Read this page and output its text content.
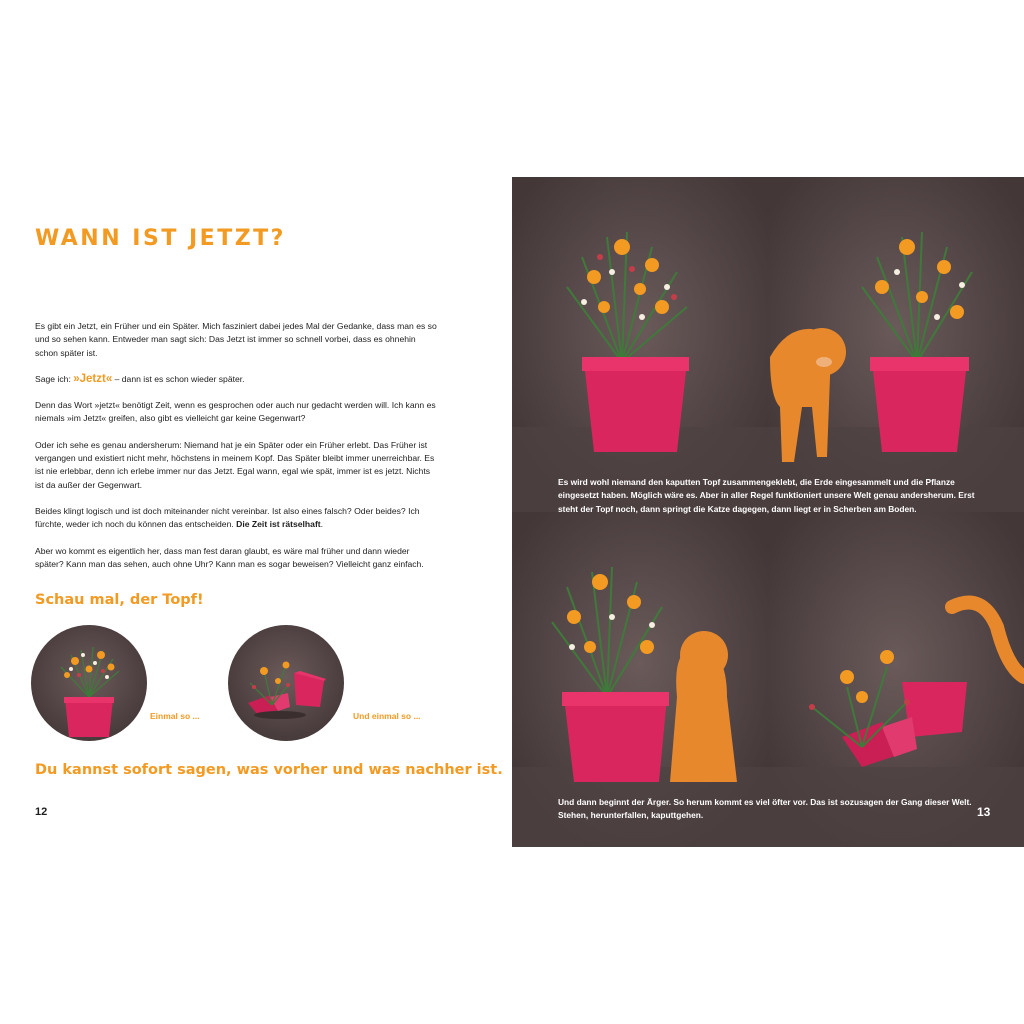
WANN IST JETZT?

Es gibt ein Jetzt, ein Früher und ein Später. Mich fasziniert dabei jedes Mal der Gedanke, dass man es so und so sehen kann. Entweder man sagt sich: Das Jetzt ist immer so schnell vorbei, dass es ohnehin schon später ist.

Sage ich: »Jetzt« – dann ist es schon wieder später.

Denn das Wort »jetzt« benötigt Zeit, wenn es gesprochen oder auch nur gedacht werden will. Ich kann es niemals »im Jetzt« greifen, also gibt es vielleicht gar keine Gegenwart?

Oder ich sehe es genau andersherum: Niemand hat je ein Später oder ein Früher erlebt. Das Früher ist vergangen und existiert nicht mehr, höchstens in meinem Kopf. Das Später bleibt immer unerreichbar. Es ist nie erlebbar, denn ich erlebe immer nur das Jetzt. Egal wann, egal wie spät, immer ist es jetzt. Nichts ist da außer der Gegenwart.

Beides klingt logisch und ist doch miteinander nicht vereinbar. Ist also eines falsch? Oder beides? Ich fürchte, weder ich noch du können das entscheiden. Die Zeit ist rätselhaft.

Aber wo kommt es eigentlich her, dass man fest daran glaubt, es wäre mal früher und dann wieder später? Kann man das sehen, auch ohne Uhr? Kann man es sogar beweisen? Vielleicht ganz einfach.

Schau mal, der Topf!
Einmal so ...	Und einmal so ...
Du kannst sofort sagen, was vorher und was nachher ist.
12
Es wird wohl niemand den kaputten Topf zusammengeklebt, die Erde eingesammelt und die Pflanze eingesetzt haben. Möglich wäre es. Aber in aller Regel funktioniert unsere Welt genau andersherum. Erst steht der Topf noch, dann springt die Katze dagegen, dann liegt er in Scherben am Boden.
Und dann beginnt der Ärger. So herum kommt es viel öfter vor. Das ist sozusagen der Gang dieser Welt. Stehen, herunterfallen, kaputtgehen.	13
